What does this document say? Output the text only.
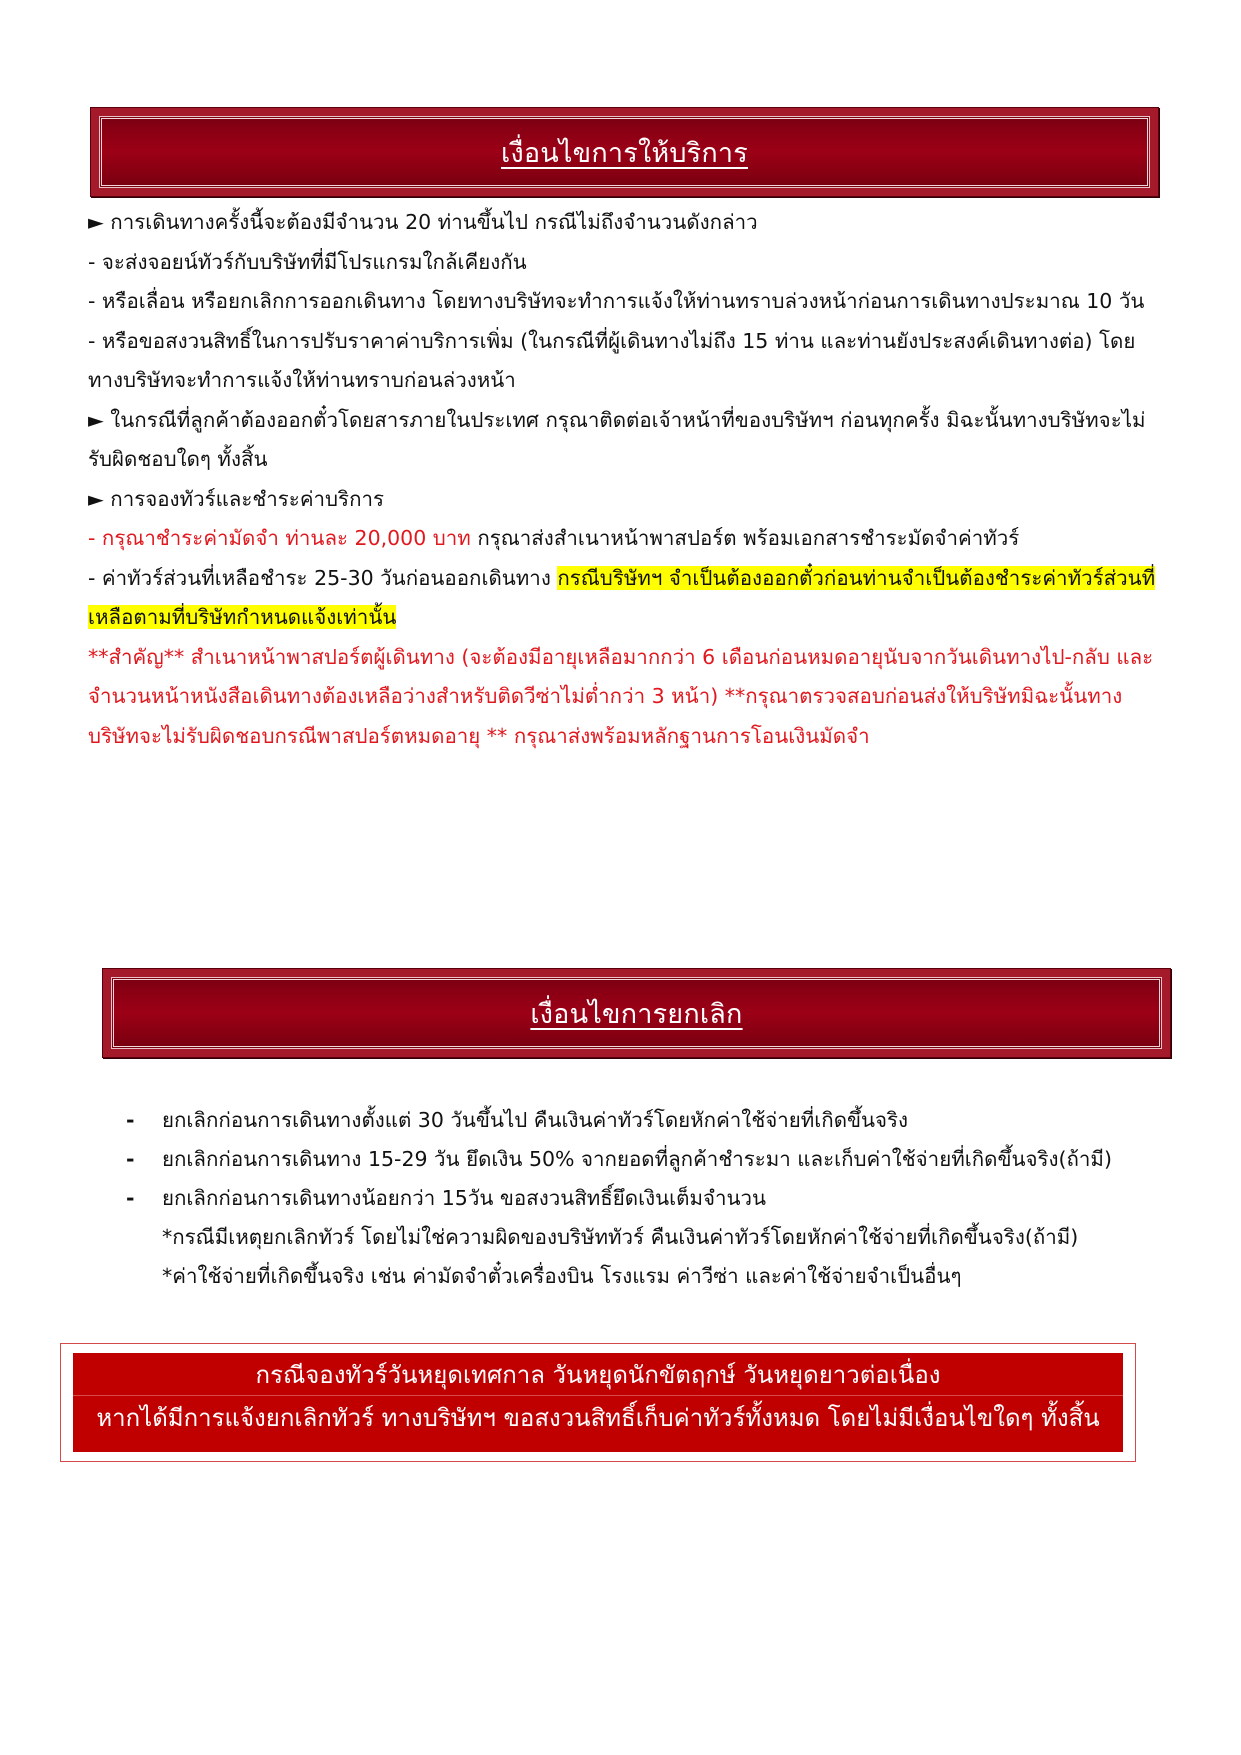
เงื่อนไขการให้บริการ

► การเดินทางครั้งนี้จะต้องมีจำนวน 20 ท่านขึ้นไป กรณีไม่ถึงจำนวนดังกล่าว

- จะส่งจอยน์ทัวร์กับบริษัทที่มีโปรแกรมใกล้เคียงกัน

- หรือเลื่อน หรือยกเลิกการออกเดินทาง โดยทางบริษัทจะทำการแจ้งให้ท่านทราบล่วงหน้าก่อนการเดินทางประมาณ 10 วัน

- หรือขอสงวนสิทธิ์ในการปรับราคาค่าบริการเพิ่ม (ในกรณีที่ผู้เดินทางไม่ถึง 15 ท่าน และท่านยังประสงค์เดินทางต่อ) โดยทางบริษัทจะทำการแจ้งให้ท่านทราบก่อนล่วงหน้า

► ในกรณีที่ลูกค้าต้องออกตั๋วโดยสารภายในประเทศ กรุณาติดต่อเจ้าหน้าที่ของบริษัทฯ ก่อนทุกครั้ง มิฉะนั้นทางบริษัทจะไม่รับผิดชอบใดๆ ทั้งสิ้น

► การจองทัวร์และชำระค่าบริการ

- กรุณาชำระค่ามัดจำ ท่านละ 20,000 บาท กรุณาส่งสำเนาหน้าพาสปอร์ต พร้อมเอกสารชำระมัดจำค่าทัวร์

- ค่าทัวร์ส่วนที่เหลือชำระ 25-30 วันก่อนออกเดินทาง กรณีบริษัทฯ จำเป็นต้องออกตั๋วก่อนท่านจำเป็นต้องชำระค่าทัวร์ส่วนที่เหลือตามที่บริษัทกำหนดแจ้งเท่านั้น

**สำคัญ** สำเนาหน้าพาสปอร์ตผู้เดินทาง (จะต้องมีอายุเหลือมากกว่า 6 เดือนก่อนหมดอายุนับจากวันเดินทางไป-กลับ และจำนวนหน้าหนังสือเดินทางต้องเหลือว่างสำหรับติดวีซ่าไม่ต่ำกว่า 3 หน้า) **กรุณาตรวจสอบก่อนส่งให้บริษัทมิฉะนั้นทางบริษัทจะไม่รับผิดชอบกรณีพาสปอร์ตหมดอายุ ** กรุณาส่งพร้อมหลักฐานการโอนเงินมัดจำ

เงื่อนไขการยกเลิก
- ยกเลิกก่อนการเดินทางตั้งแต่ 30 วันขึ้นไป คืนเงินค่าทัวร์โดยหักค่าใช้จ่ายที่เกิดขึ้นจริง
- ยกเลิกก่อนการเดินทาง 15-29 วัน ยึดเงิน 50% จากยอดที่ลูกค้าชำระมา และเก็บค่าใช้จ่ายที่เกิดขึ้นจริง(ถ้ามี)
- ยกเลิกก่อนการเดินทางน้อยกว่า 15วัน ขอสงวนสิทธิ์ยึดเงินเต็มจำนวน
*กรณีมีเหตุยกเลิกทัวร์ โดยไม่ใช่ความผิดของบริษัททัวร์ คืนเงินค่าทัวร์โดยหักค่าใช้จ่ายที่เกิดขึ้นจริง(ถ้ามี)
*ค่าใช้จ่ายที่เกิดขึ้นจริง เช่น ค่ามัดจำตั๋วเครื่องบิน โรงแรม ค่าวีซ่า และค่าใช้จ่ายจำเป็นอื่นๆ
กรณีจองทัวร์วันหยุดเทศกาล วันหยุดนักขัตฤกษ์ วันหยุดยาวต่อเนื่อง
หากได้มีการแจ้งยกเลิกทัวร์ ทางบริษัทฯ ขอสงวนสิทธิ์เก็บค่าทัวร์ทั้งหมด โดยไม่มีเงื่อนไขใดๆ ทั้งสิ้น
